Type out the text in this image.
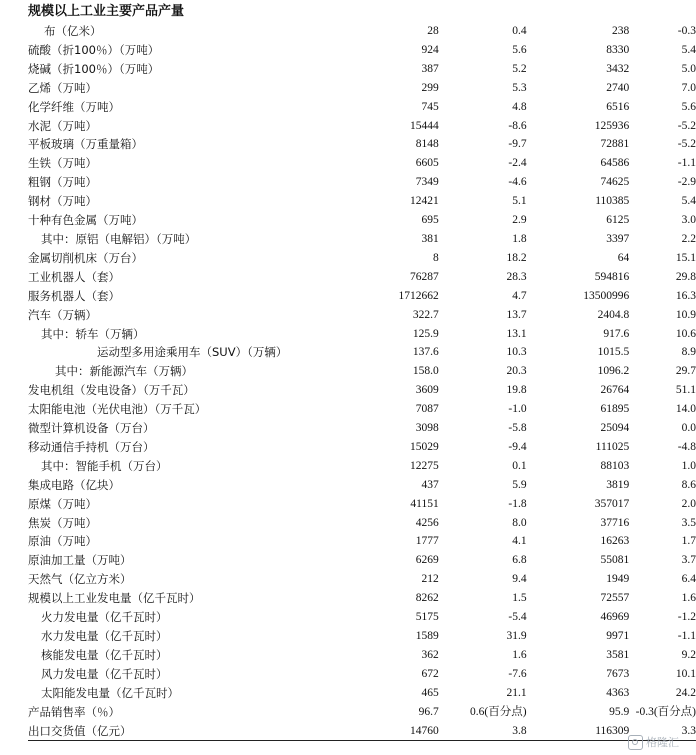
规模以上工业主要产品产量
布（亿米）	28	0.4	238	-0.3
硫酸（折100％）（万吨）	924	5.6	8330	5.4
烧碱（折100％）（万吨）	387	5.2	3432	5.0
乙烯（万吨）	299	5.3	2740	7.0
化学纤维（万吨）	745	4.8	6516	5.6
水泥（万吨）	15444	-8.6	125936	-5.2
平板玻璃（万重量箱）	8148	-9.7	72881	-5.2
生铁（万吨）	6605	-2.4	64586	-1.1
粗钢（万吨）	7349	-4.6	74625	-2.9
钢材（万吨）	12421	5.1	110385	5.4
十种有色金属（万吨）	695	2.9	6125	3.0
其中：原铝（电解铝）（万吨）	381	1.8	3397	2.2
金属切削机床（万台）	8	18.2	64	15.1
工业机器人（套）	76287	28.3	594816	29.8
服务机器人（套）	1712662	4.7	13500996	16.3
汽车（万辆）	322.7	13.7	2404.8	10.9
其中：轿车（万辆）	125.9	13.1	917.6	10.6
运动型多用途乘用车（SUV）（万辆）	137.6	10.3	1015.5	8.9
其中：新能源汽车（万辆）	158.0	20.3	1096.2	29.7
发电机组（发电设备）（万千瓦）	3609	19.8	26764	51.1
太阳能电池（光伏电池）（万千瓦）	7087	-1.0	61895	14.0
微型计算机设备（万台）	3098	-5.8	25094	0.0
移动通信手持机（万台）	15029	-9.4	111025	-4.8
其中：智能手机（万台）	12275	0.1	88103	1.0
集成电路（亿块）	437	5.9	3819	8.6
原煤（万吨）	41151	-1.8	357017	2.0
焦炭（万吨）	4256	8.0	37716	3.5
原油（万吨）	1777	4.1	16263	1.7
原油加工量（万吨）	6269	6.8	55081	3.7
天然气（亿立方米）	212	9.4	1949	6.4
规模以上工业发电量（亿千瓦时）	8262	1.5	72557	1.6
火力发电量（亿千瓦时）	5175	-5.4	46969	-1.2
水力发电量（亿千瓦时）	1589	31.9	9971	-1.1
核能发电量（亿千瓦时）	362	1.6	3581	9.2
风力发电量（亿千瓦时）	672	-7.6	7673	10.1
太阳能发电量（亿千瓦时）	465	21.1	4363	24.2
产品销售率（％）	96.7	0.6(百分点)	95.9	-0.3(百分点)
出口交货值（亿元）	14760	3.8	116309	3.3
格隆汇
